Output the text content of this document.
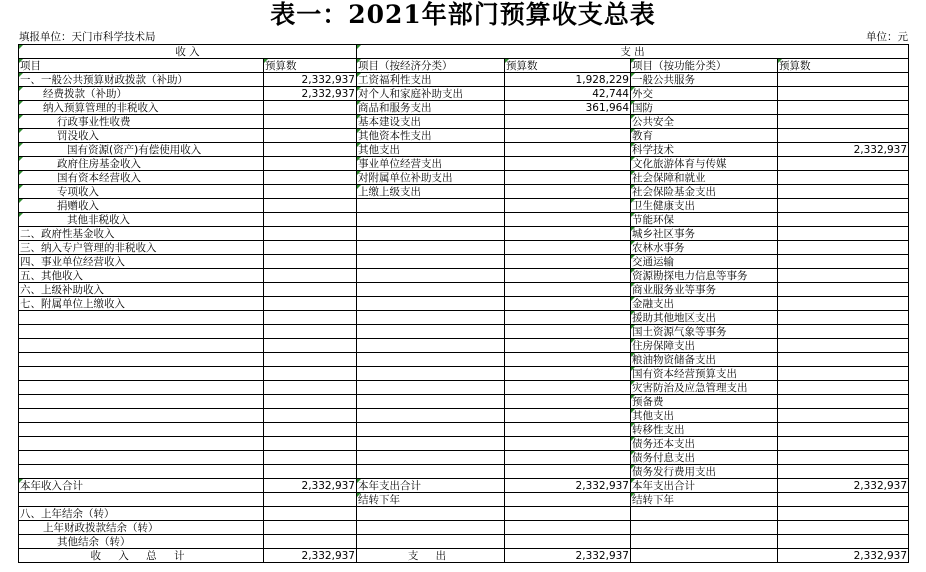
表一：2021年部门预算收支总表
填报单位：天门市科学技术局	单位：元
收 入		支 出			
项目	预算数	项目（按经济分类）	预算数	项目（按功能分类）	预算数
一、一般公共预算财政拨款（补助）	2,332,937	工资福利性支出	1,928,229	一般公共服务	
经费拨款（补助）	2,332,937	对个人和家庭补助支出	42,744	外交	
纳入预算管理的非税收入		商品和服务支出	361,964	国防	
行政事业性收费		基本建设支出		公共安全	
罚没收入		其他资本性支出		教育	
国有资源(资产)有偿使用收入		其他支出		科学技术	2,332,937
政府住房基金收入		事业单位经营支出		文化旅游体育与传媒	
国有资本经营收入		对附属单位补助支出		社会保障和就业	
专项收入		上缴上级支出		社会保险基金支出	
捐赠收入				卫生健康支出	
其他非税收入				节能环保	
二、政府性基金收入				城乡社区事务	
三、纳入专户管理的非税收入				农林水事务	
四、事业单位经营收入				交通运输	
五、其他收入				资源勘探电力信息等事务	
六、上级补助收入				商业服务业等事务	
七、附属单位上缴收入				金融支出	
				援助其他地区支出	
				国土资源气象等事务	
				住房保障支出	
				粮油物资储备支出	
				国有资本经营预算支出	
				灾害防治及应急管理支出	
				预备费	
				其他支出	
				转移性支出	
				债务还本支出	
				债务付息支出	
				债务发行费用支出	
本年收入合计	2,332,937	本年支出合计	2,332,937	本年支出合计	2,332,937
		结转下年		结转下年	
八、上年结余（转）					
上年财政拨款结余（转）					
其他结余（转）					
收 入 总 计	2,332,937	支 出	2,332,937		2,332,937
